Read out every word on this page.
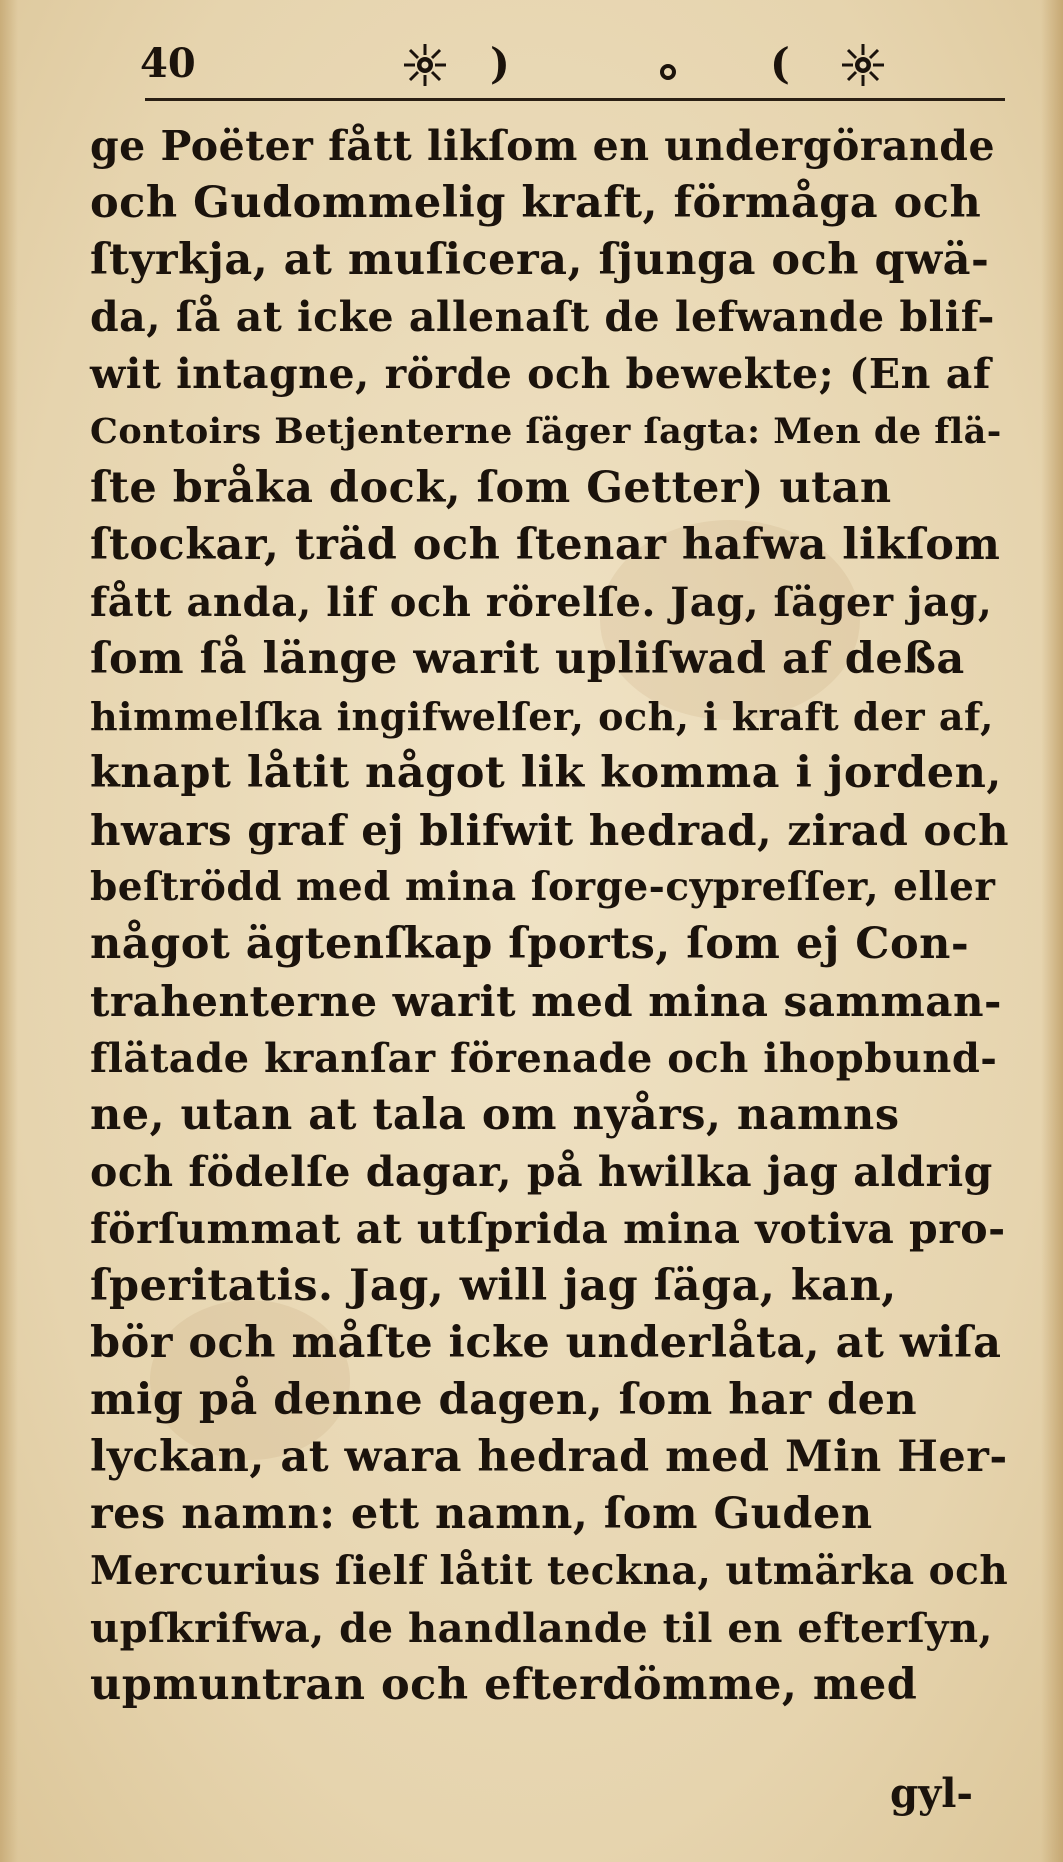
40	)	(
ge Poëter fått likſom en undergörande
och Gudommelig kraft, förmåga och
ſtyrkja, at muſicera, ſjunga och qwä-
da, ſå at icke allenaſt de lefwande blif-
wit intagne, rörde och bewekte; (En af
Contoirs Betjenterne ſäger ſagta: Men de flä-
ſte bråka dock, ſom Getter) utan
ſtockar, träd och ſtenar hafwa likſom
fått anda, lif och rörelſe. Jag, ſäger jag,
ſom ſå länge warit upliſwad af deßa
himmelſka ingifwelſer, och, i kraft der af,
knapt låtit något lik komma i jorden,
hwars graf ej blifwit hedrad, zirad och
beſtrödd med mina ſorge-cypreſſer, eller
något ägtenſkap ſports, ſom ej Con-
trahenterne warit med mina samman-
flätade kranſar förenade och ihopbund-
ne, utan at tala om nyårs, namns
och födelſe dagar, på hwilka jag aldrig
förſummat at utſprida mina votiva pro-
ſperitatis. Jag, will jag ſäga, kan,
bör och måſte icke underlåta, at wiſa
mig på denne dagen, ſom har den
lyckan, at wara hedrad med Min Her-
res namn: ett namn, ſom Guden
Mercurius ſielf låtit teckna, utmärka och
upſkrifwa, de handlande til en efterſyn,
upmuntran och efterdömme, med
gyl-
